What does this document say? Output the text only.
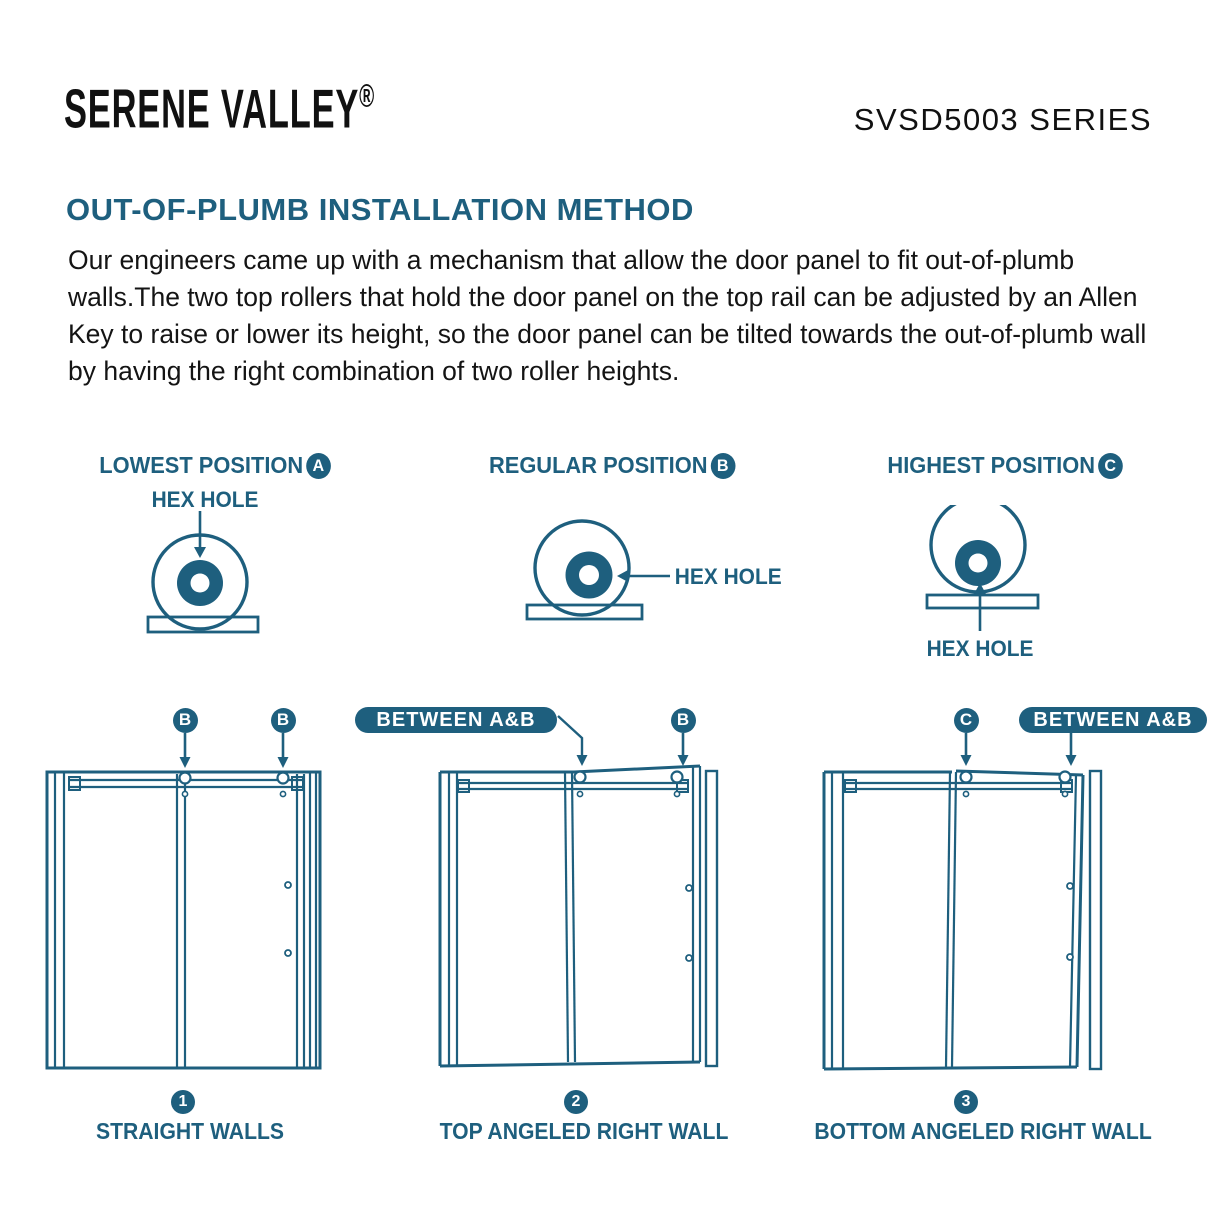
SERENE VALLEY®
SVSD5003 SERIES
OUT-OF-PLUMB INSTALLATION METHOD
Our engineers came up with a mechanism that allow the door panel to fit out-of-plumb walls.The two top rollers that hold the door panel on the top rail can be adjusted by an Allen Key to raise or lower its height, so the door panel can be tilted towards the out-of-plumb wall by having the right combination of two roller heights.
LOWEST POSITION A
HEX HOLE
REGULAR POSITION B
HEX HOLE
HIGHEST POSITION C
HEX HOLE
B	B
1
STRAIGHT WALLS
BETWEEN A&B	B
2
TOP ANGELED RIGHT WALL
C	BETWEEN A&B
3
BOTTOM ANGELED RIGHT WALL
